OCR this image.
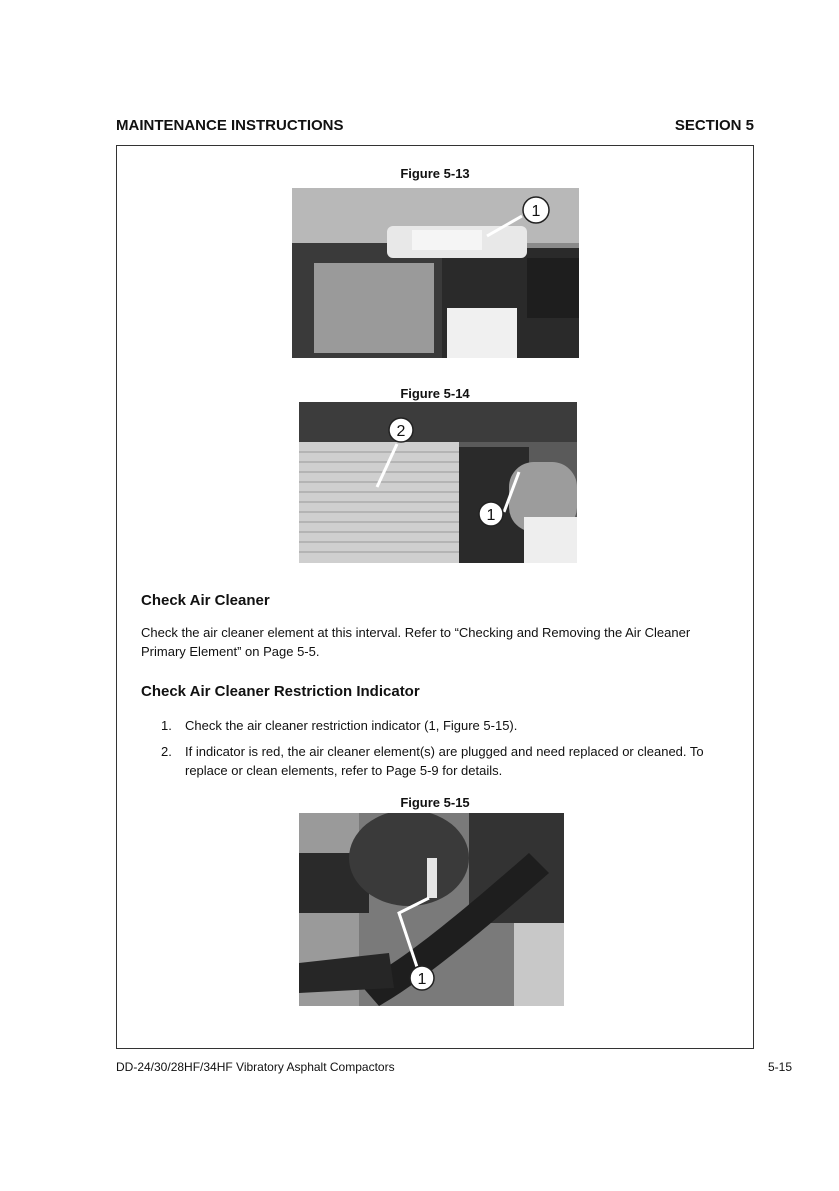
MAINTENANCE INSTRUCTIONS	SECTION 5
Figure 5-13
1
Figure 5-14
2
1
Check Air Cleaner

Check the air cleaner element at this interval. Refer to “Checking and Removing the Air Cleaner Primary Element” on Page 5-5.

Check Air Cleaner Restriction Indicator
1.	Check the air cleaner restriction indicator (1, Figure 5-15).
2.	If indicator is red, the air cleaner element(s) are plugged and need replaced or cleaned. To replace or clean elements, refer to Page 5-9 for details.
Figure 5-15
1
DD-24/30/28HF/34HF Vibratory Asphalt Compactors	5-15
